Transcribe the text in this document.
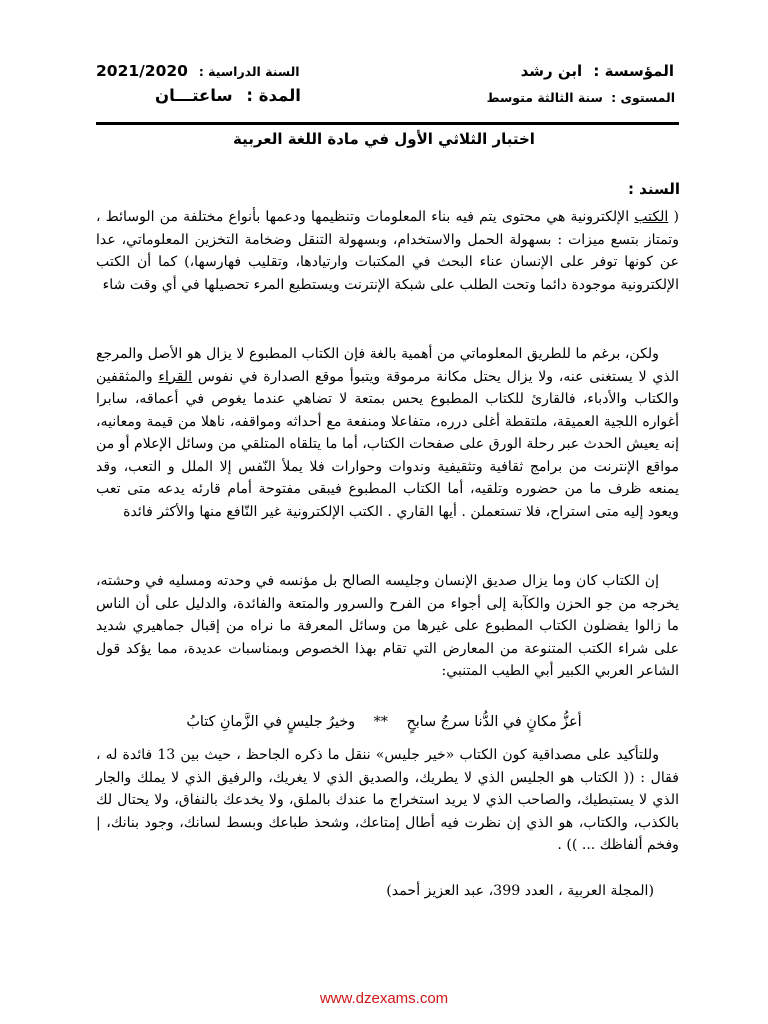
المؤسسة : ابن رشد
المستوى : سنة الثالثة متوسط
السنة الدراسية : 2021/2020
المدة : ساعتـــان
اختبار الثلاثي الأول في مادة اللغة العربية
السند :
( الكتب الإلكترونية هي محتوى يتم فيه بناء المعلومات وتنظيمها ودعمها بأنواع مختلفة من الوسائط ، وتمتاز بتسع ميزات : بسهولة الحمل والاستخدام، وبسهولة التنقل وضخامة التخزين المعلوماتي، عدا عن كونها توفر على الإنسان عناء البحث في المكتبات وارتيادها، وتقليب فهارسها،) كما أن الكتب الإلكترونية موجودة دائما وتحت الطلب على شبكة الإنترنت ويستطيع المرء تحصيلها في أي وقت شاء
ولكن، برغم ما للطريق المعلوماتي من أهمية بالغة فإن الكتاب المطبوع لا يزال هو الأصل والمرجع الذي لا يستغنى عنه، ولا يزال يحتل مكانة مرموقة ويتبوأ موقع الصدارة في نفوس القراء والمثقفين والكتاب والأدباء، فالقارئ للكتاب المطبوع يحس بمتعة لا تضاهي عندما يغوص في أعماقه، سابرا أغواره اللجية العميقة، ملتقطة أغلى درره، متفاعلا ومنفعة مع أحداثه ومواقفه، ناهلا من قيمة ومعانيه، إنه يعيش الحدث عبر رحلة الورق على صفحات الكتاب، أما ما يتلقاه المتلقي من وسائل الإعلام أو من مواقع الإنترنت من برامج ثقافية وتثقيفية وندوات وحوارات فلا يملأ النّفس إلا الملل و التعب، وقد يمنعه ظرف ما من حضوره وتلقيه، أما الكتاب المطبوع فيبقى مفتوحة أمام قارئه يدعه متى تعب ويعود إليه متى استراح، فلا تستعملن . أيها القاري . الكتب الإلكترونية غير النّافع منها والأكثر فائدة
إن الكتاب كان وما يزال صديق الإنسان وجليسه الصالح بل مؤنسه في وحدته ومسليه في وحشته، يخرجه من جو الحزن والكآبة إلى أجواء من الفرح والسرور والمتعة والفائدة، والدليل على أن الناس ما زالوا يفضلون الكتاب المطبوع على غيرها من وسائل المعرفة ما نراه من إقبال جماهيري شديد على شراء الكتب المتنوعة من المعارض التي تقام بهذا الخصوص وبمناسبات عديدة، مما يؤكد قول الشاعر العربي الكبير أبي الطيب المتنبي:
أعزُّ مكانٍ في الدُّنا سرجُ سابحٍ ** وخيرُ جليسٍ في الزَّمانِ كتابُ
وللتأكيد على مصداقية كون الكتاب «خير جليس» ننقل ما ذكره الجاحظ ، حيث بين 13 فائدة له ، فقال : (( الكتاب هو الجليس الذي لا يطريك، والصديق الذي لا يغريك، والرفيق الذي لا يملك والجار الذي لا يستبطيك، والصاحب الذي لا يريد استخراج ما عندك بالملق، ولا يخدعك بالنفاق، ولا يحتال لك بالكذب، والكتاب، هو الذي إن نظرت فيه أطال إمتاعك، وشحذ طباعك وبسط لسانك، وجود بنانك، | وفخم ألفاظك ... )) .
(المجلة العربية ، العدد 399، عبد العزيز أحمد)
www.dzexams.com
